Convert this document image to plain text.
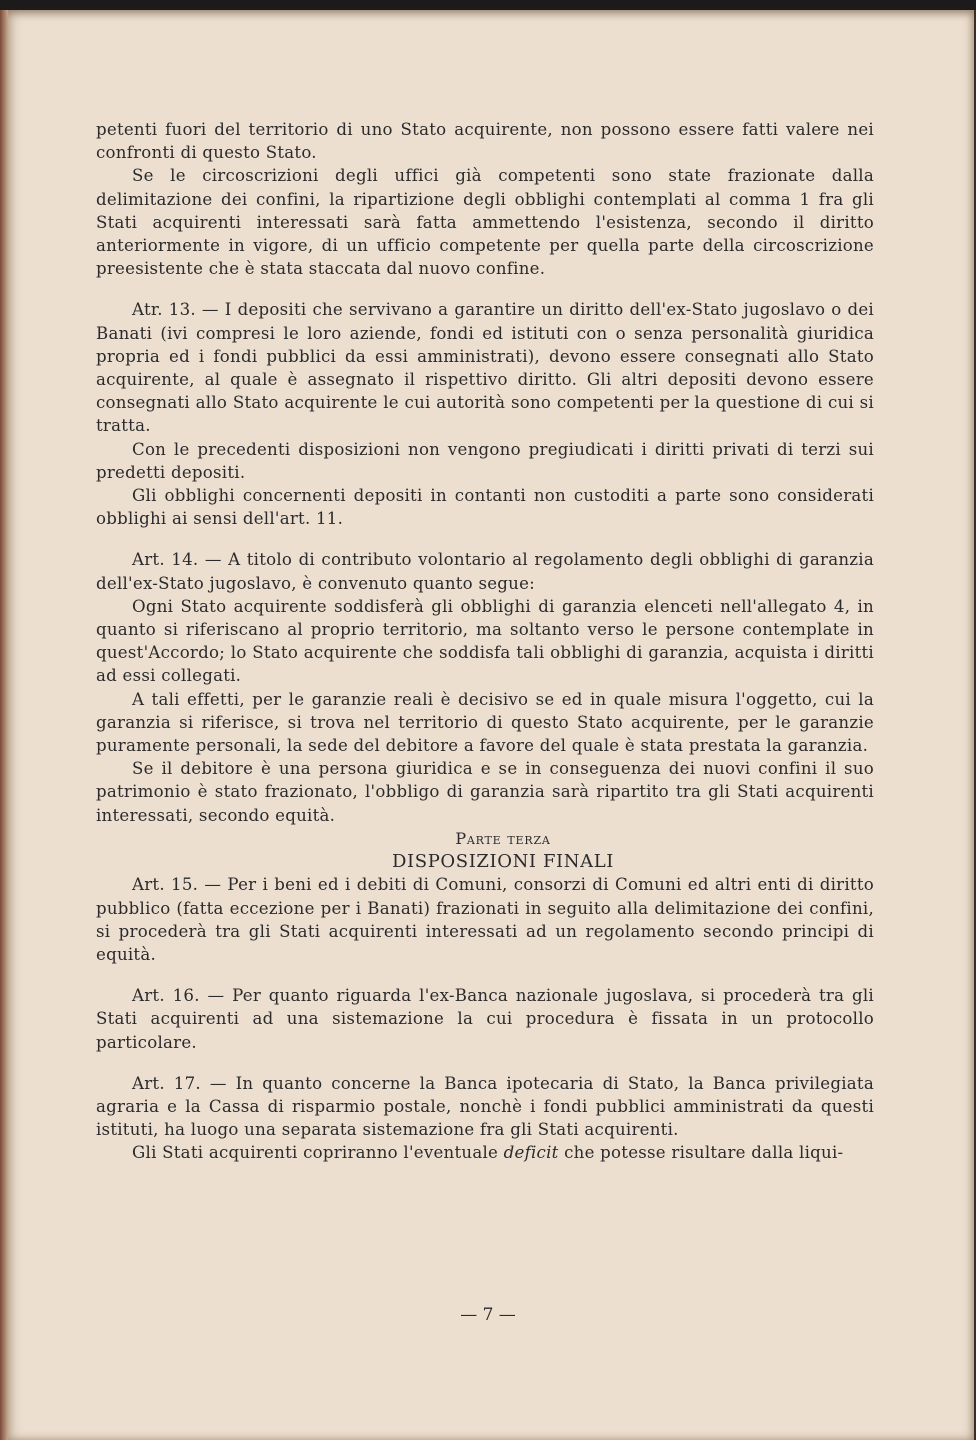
petenti fuori del territorio di uno Stato acquirente, non possono essere fatti valere nei confronti di questo Stato.

Se le circoscrizioni degli uffici già competenti sono state frazionate dalla delimitazione dei confini, la ripartizione degli obblighi contemplati al comma 1 fra gli Stati acquirenti interessati sarà fatta ammettendo l'esistenza, secondo il diritto anteriormente in vigore, di un ufficio competente per quella parte della circoscrizione preesistente che è stata staccata dal nuovo confine.

Atr. 13. — I depositi che servivano a garantire un diritto dell'ex-Stato jugoslavo o dei Banati (ivi compresi le loro aziende, fondi ed istituti con o senza personalità giuridica propria ed i fondi pubblici da essi amministrati), devono essere consegnati allo Stato acquirente, al quale è assegnato il rispettivo diritto. Gli altri depositi devono essere consegnati allo Stato acquirente le cui autorità sono competenti per la questione di cui si tratta.

Con le precedenti disposizioni non vengono pregiudicati i diritti privati di terzi sui predetti depositi.

Gli obblighi concernenti depositi in contanti non custoditi a parte sono considerati obblighi ai sensi dell'art. 11.

Art. 14. — A titolo di contributo volontario al regolamento degli obblighi di garanzia dell'ex-Stato jugoslavo, è convenuto quanto segue:

Ogni Stato acquirente soddisferà gli obblighi di garanzia elenceti nell'allegato 4, in quanto si riferiscano al proprio territorio, ma soltanto verso le persone contemplate in quest'Accordo; lo Stato acquirente che soddisfa tali obblighi di garanzia, acquista i diritti ad essi collegati.

A tali effetti, per le garanzie reali è decisivo se ed in quale misura l'oggetto, cui la garanzia si riferisce, si trova nel territorio di questo Stato acquirente, per le garanzie puramente personali, la sede del debitore a favore del quale è stata prestata la garanzia.

Se il debitore è una persona giuridica e se in conseguenza dei nuovi confini il suo patrimonio è stato frazionato, l'obbligo di garanzia sarà ripartito tra gli Stati acquirenti interessati, secondo equità.

Parte terza

DISPOSIZIONI FINALI

Art. 15. — Per i beni ed i debiti di Comuni, consorzi di Comuni ed altri enti di diritto pubblico (fatta eccezione per i Banati) frazionati in seguito alla delimitazione dei confini, si procederà tra gli Stati acquirenti interessati ad un regolamento secondo principi di equità.

Art. 16. — Per quanto riguarda l'ex-Banca nazionale jugoslava, si procederà tra gli Stati acquirenti ad una sistemazione la cui procedura è fissata in un protocollo particolare.

Art. 17. — In quanto concerne la Banca ipotecaria di Stato, la Banca privilegiata agraria e la Cassa di risparmio postale, nonchè i fondi pubblici amministrati da questi istituti, ha luogo una separata sistemazione fra gli Stati acquirenti.

Gli Stati acquirenti copriranno l'eventuale deficit che potesse risultare dalla liqui-

— 7 —
